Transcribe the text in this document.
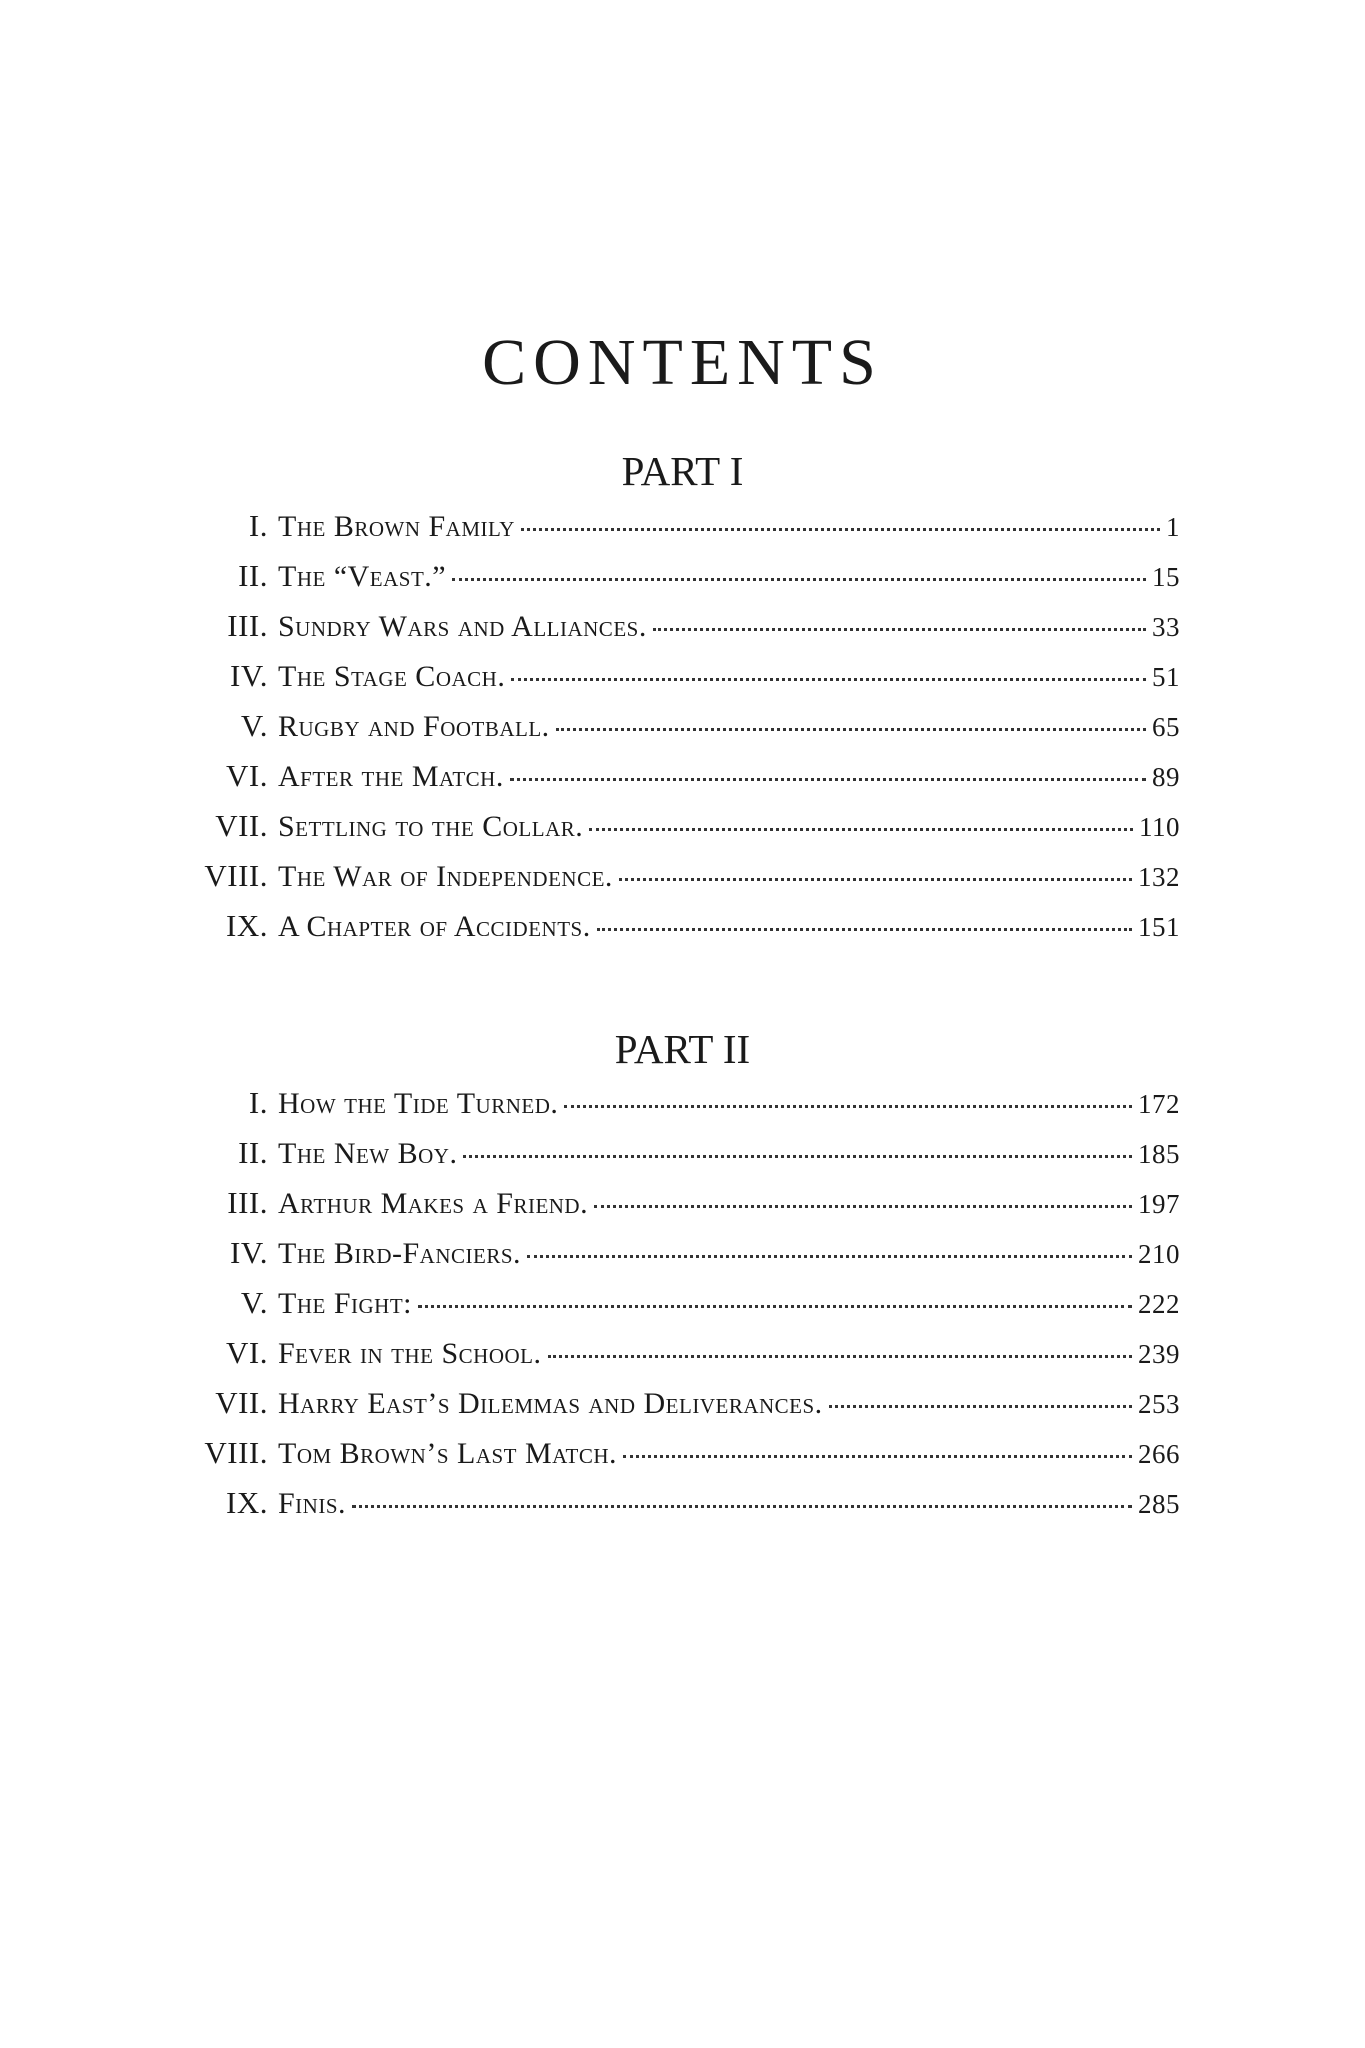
CONTENTS
PART I
I. The Brown Family	1
II. The “Veast.”	15
III. Sundry Wars and Alliances.	33
IV. The Stage Coach.	51
V. Rugby and Football.	65
VI. After the Match.	89
VII. Settling to the Collar.	110
VIII. The War of Independence.	132
IX. A Chapter of Accidents.	151
PART II
I. How the Tide Turned.	172
II. The New Boy.	185
III. Arthur Makes a Friend.	197
IV. The Bird-Fanciers.	210
V. The Fight:	222
VI. Fever in the School.	239
VII. Harry East’s Dilemmas and Deliverances.	253
VIII. Tom Brown’s Last Match.	266
IX. Finis.	285
